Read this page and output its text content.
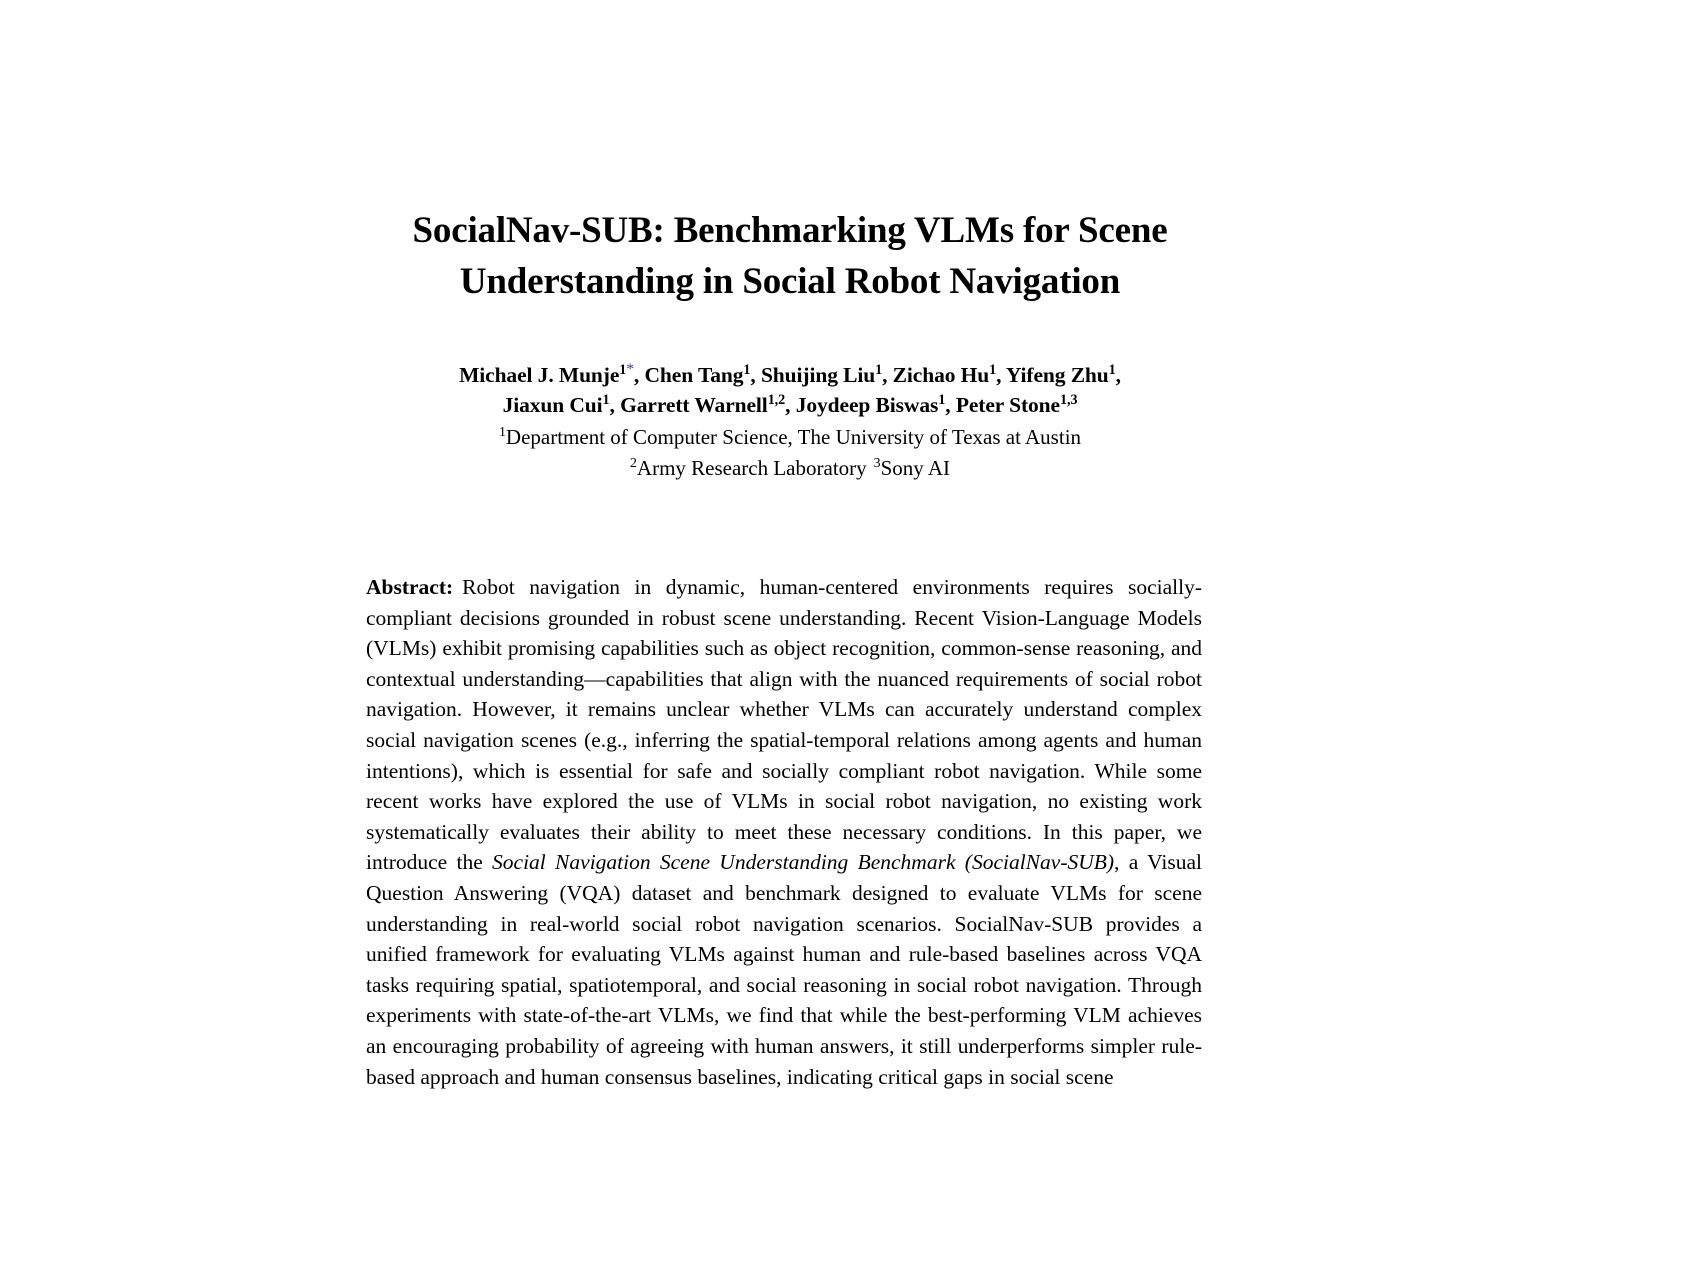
SocialNav-SUB: Benchmarking VLMs for Scene
Understanding in Social Robot Navigation
Michael J. Munje$^{1*}$, Chen Tang$^1$, Shuijing Liu$^1$, Zichao Hu$^1$, Yifeng Zhu$^1$,
Jiaxun Cui$^1$, Garrett Warnell$^{1,2}$, Joydeep Biswas$^1$, Peter Stone$^{1,3}$
$^1$Department of Computer Science, The University of Texas at Austin
$^2$Army Research Laboratory $^3$Sony AI

Abstract: Robot navigation in dynamic, human-centered environments requires socially-compliant decisions grounded in robust scene understanding. Recent Vision-Language Models (VLMs) exhibit promising capabilities such as object recognition, common-sense reasoning, and contextual understanding—capabilities that align with the nuanced requirements of social robot navigation. However, it remains unclear whether VLMs can accurately understand complex social navigation scenes (e.g., inferring the spatial-temporal relations among agents and human intentions), which is essential for safe and socially compliant robot navigation. While some recent works have explored the use of VLMs in social robot navigation, no existing work systematically evaluates their ability to meet these necessary conditions. In this paper, we introduce the Social Navigation Scene Understanding Benchmark (SocialNav-SUB), a Visual Question Answering (VQA) dataset and benchmark designed to evaluate VLMs for scene understanding in real-world social robot navigation scenarios. SocialNav-SUB provides a unified framework for evaluating VLMs against human and rule-based baselines across VQA tasks requiring spatial, spatiotemporal, and social reasoning in social robot navigation. Through experiments with state-of-the-art VLMs, we find that while the best-performing VLM achieves an encouraging probability of agreeing with human answers, it still underperforms simpler rule-based approach and human consensus baselines, indicating critical gaps in social scene
